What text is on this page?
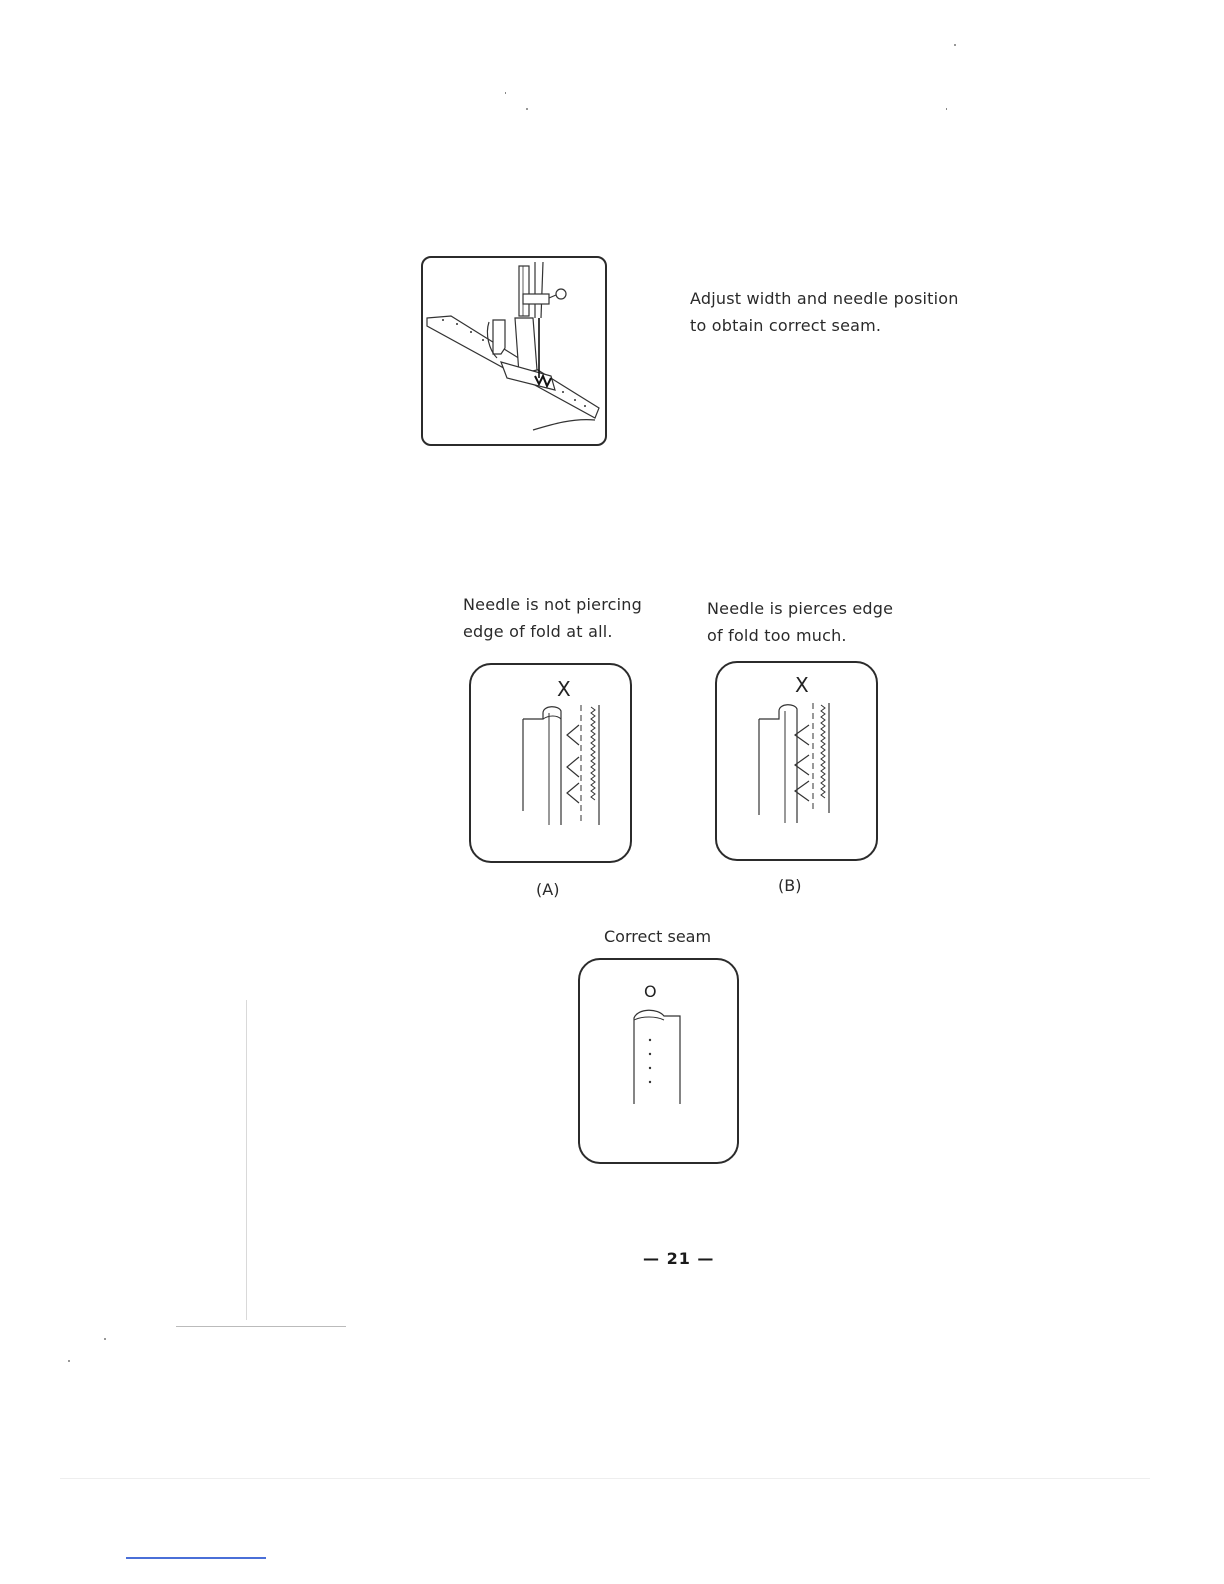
Adjust width and needle position
to obtain correct seam.
Needle is not piercing
edge of fold at all.
Needle is pierces edge
of fold too much.
X	X
(A)	(B)
Correct seam
O
— 21 —
